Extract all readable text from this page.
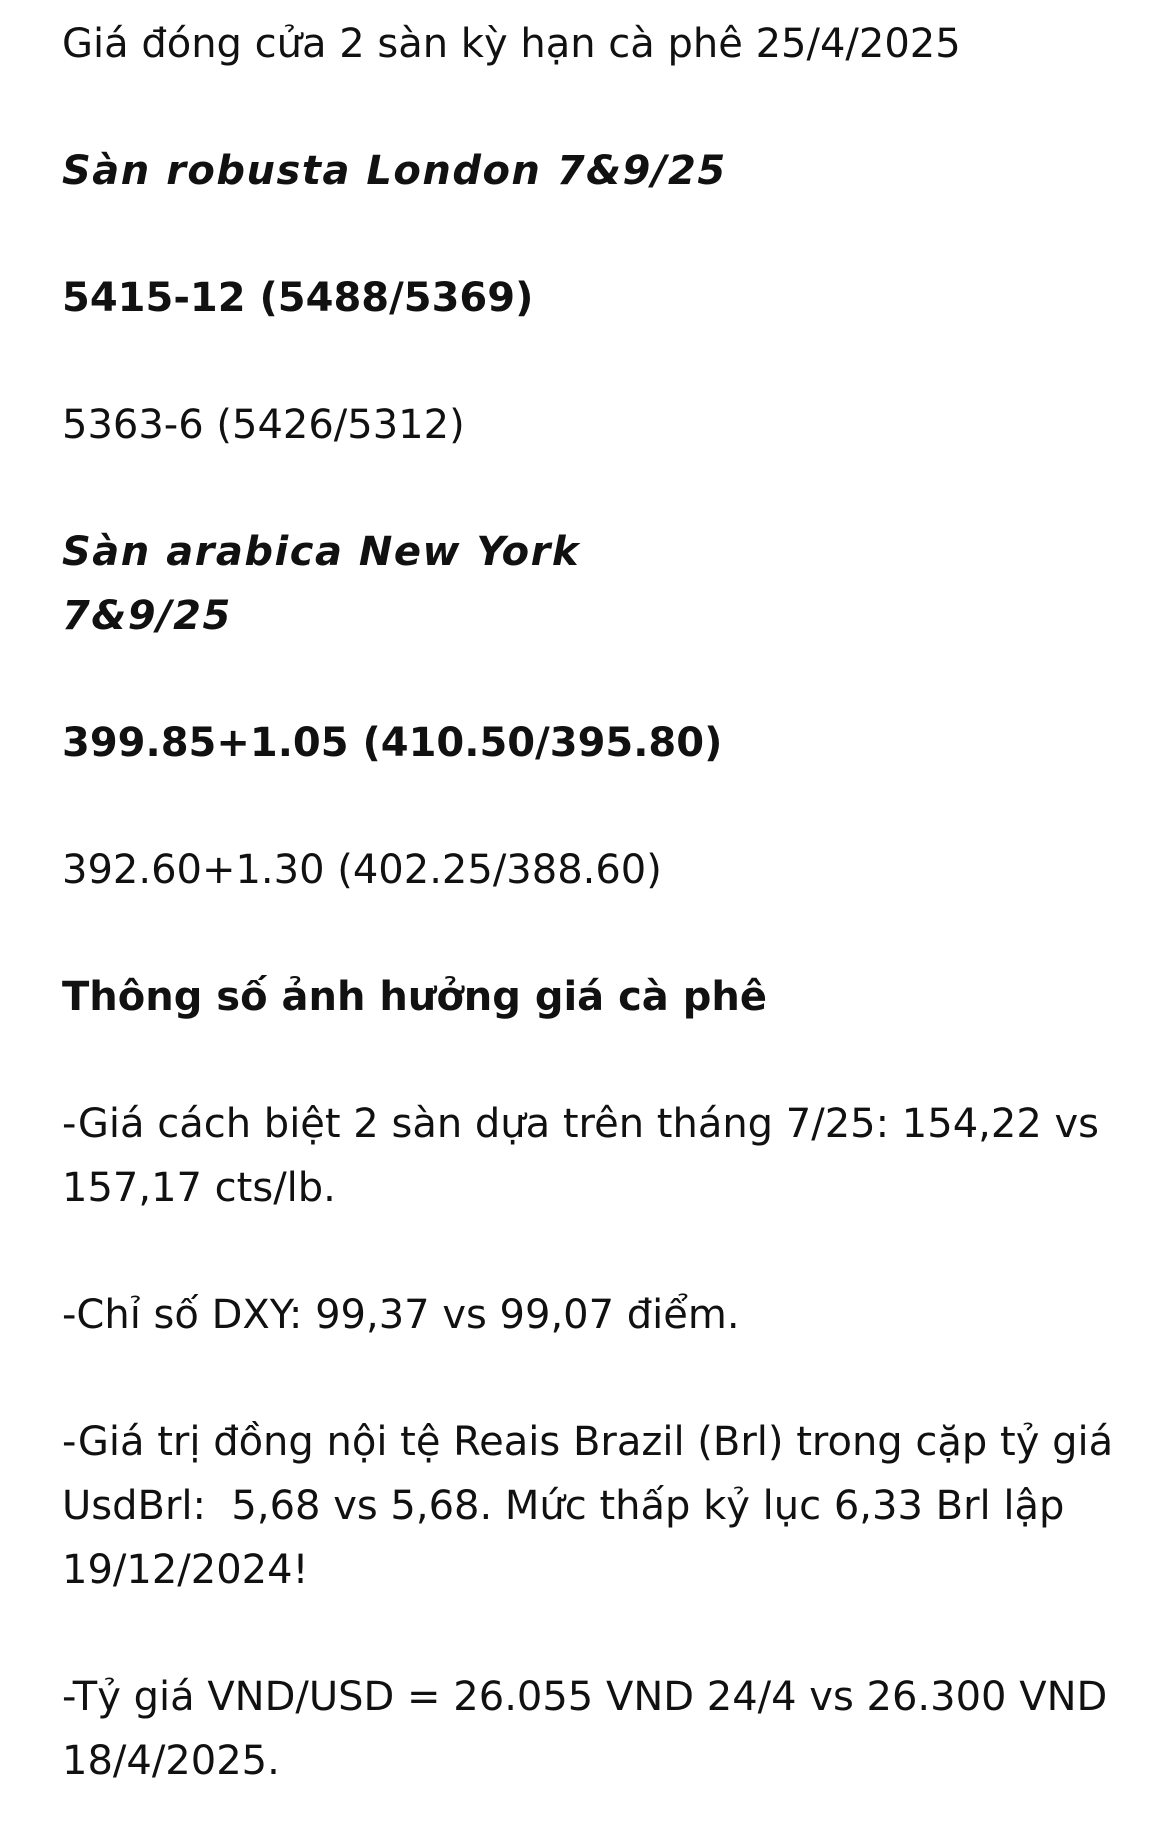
Giá đóng cửa 2 sàn kỳ hạn cà phê 25/4/2025

Sàn robusta London 7&9/25

5415-12 (5488/5369)

5363-6 (5426/5312)

Sàn arabica New York

7&9/25

399.85+1.05 (410.50/395.80)

392.60+1.30 (402.25/388.60)

Thông số ảnh hưởng giá cà phê

-Giá cách biệt 2 sàn dựa trên tháng 7/25: 154,22 vs

157,17 cts/lb.

-Chỉ số DXY: 99,37 vs 99,07 điểm.

-Giá trị đồng nội tệ Reais Brazil (Brl) trong cặp tỷ giá

UsdBrl:  5,68 vs 5,68. Mức thấp kỷ lục 6,33 Brl lập

19/12/2024!

-Tỷ giá VND/USD = 26.055 VND 24/4 vs 26.300 VND

18/4/2025.
